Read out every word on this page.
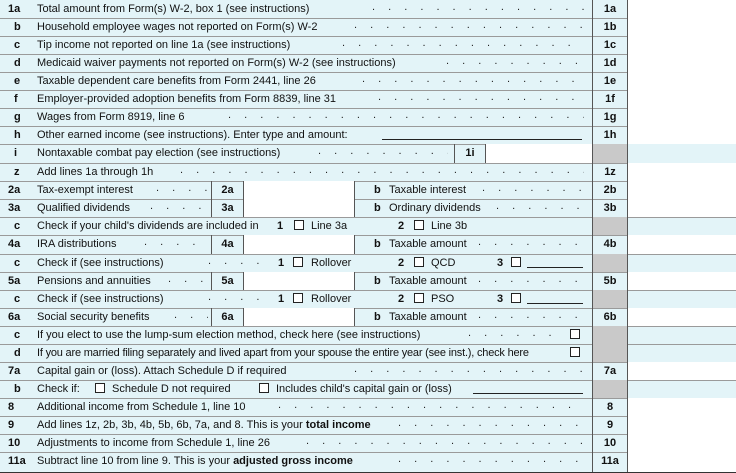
1a Total amount from Form(s) W-2, box 1 (see instructions) . . .	1a
b Household employee wages not reported on Form(s) W-2 . . .	1b
c Tip income not reported on line 1a (see instructions) . . .	1c
d Medicaid waiver payments not reported on Form(s) W-2 (see instructions) . . .	1d
e Taxable dependent care benefits from Form 2441, line 26 . . .	1e
f Employer-provided adoption benefits from Form 8839, line 31 . . .	1f
g Wages from Form 8919, line 6 . . .	1g
h Other earned income (see instructions). Enter type and amount:	1h
i Nontaxable combat pay election (see instructions) . . .	1i
z Add lines 1a through 1h . . .	1z
2a Tax-exempt interest . . .	2a	b Taxable interest . . .	2b
3a Qualified dividends . . .	3a	b Ordinary dividends . . .	3b
c Check if your child's dividends are included in 1	Line 3a	2 Line 3b
4a IRA distributions . . .	4a	b Taxable amount . . .	4b
c Check if (see instructions) . . .	1 Rollover	2 QCD	3
5a Pensions and annuities . . .	5a	b Taxable amount . . .	5b
c Check if (see instructions) . . .	1 Rollover	2 PSO	3
6a Social security benefits . . .	6a	b Taxable amount . . .	6b
c If you elect to use the lump-sum election method, check here (see instructions)
. . .
d If you are married filing separately and lived apart from your spouse the entire year (see inst.), check here
7a Capital gain or (loss). Attach Schedule D if required . . .	7a
b Check if:	Schedule D not required	Includes child's capital gain or (loss)
8 Additional income from Schedule 1, line 10 . . .	8
9 Add lines 1z, 2b, 3b, 4b, 5b, 6b, 7a, and 8. This is your total income . . .	9
10 Adjustments to income from Schedule 1, line 26 . . .	10
11a Subtract line 10 from line 9. This is your adjusted gross income . . .	11a
